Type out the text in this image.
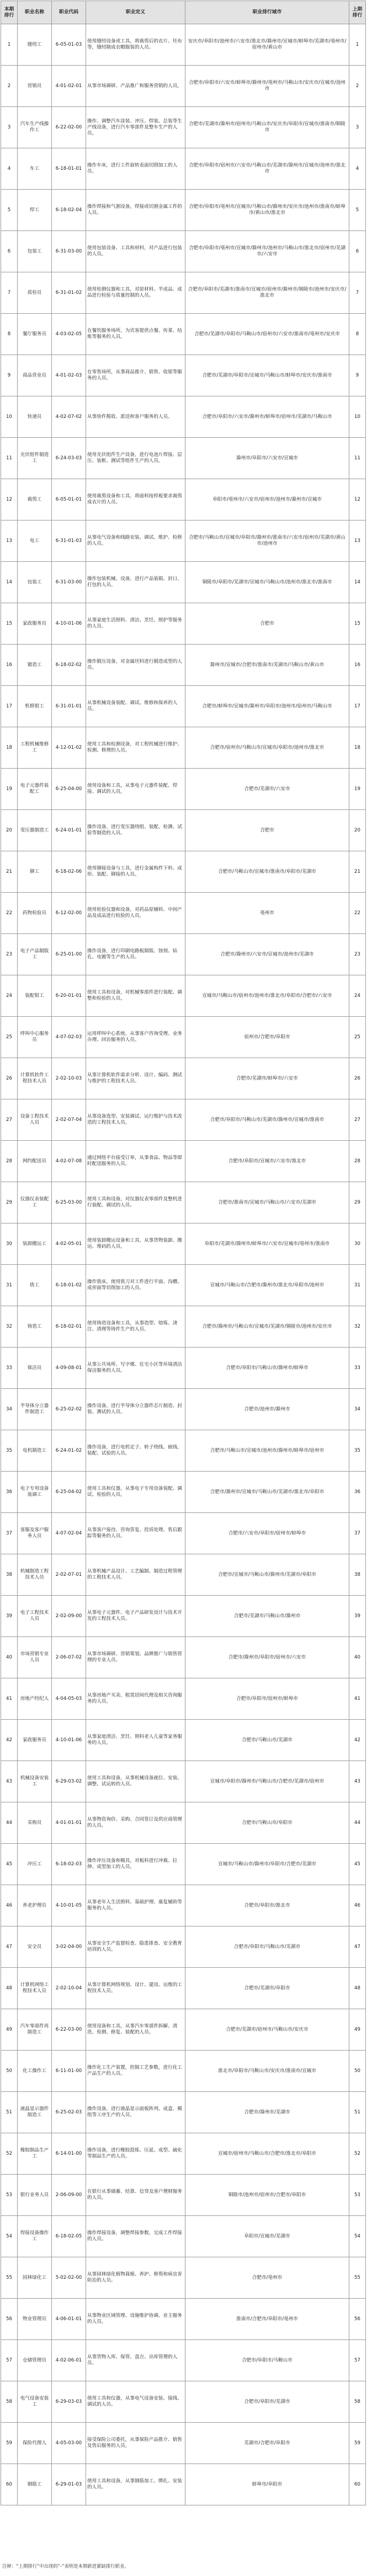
本期排行	职业名称	职业代码	职业定义	职业排行城市	上期排行
1	缝纫工	6-05-01-03	使用缝纫设备或工具，将裁剪后的衣片、坯布等，缝纫制成衣帽服装的人员。	安庆市/阜阳市/池州市/六安市/淮北市/滁州市/宣城市/蚌埠市/芜湖市/亳州市/宿州市/黄山市	1
2	营销员	4-01-02-01	从事市场调研、产品推广和服务营销的人员。	合肥市/阜阳市/六安市/蚌埠市/滁州市/亳州市/马鞍山市/安庆市/宣城市/池州市	2
3	汽车生产线操作工	6-22-02-00	操作、调整汽车涂装、冲压、焊装、总装等生产线设备，进行汽车零部件及整车生产的人员。	合肥市/芜湖市/滁州市/宿州市/马鞍山市/安庆市/阜阳市/宣城市/淮南市/铜陵市	3
4	车工	6-18-01-01	操作车床，进行工件旋转表面切削加工的人员。	合肥市/阜阳市/宿州市/六安市/马鞍山市/芜湖市/滁州市/宣城市/池州市/淮北市	4
5	焊工	6-18-02-04	操作焊接和气割设备，焊接或切割金属工件的人员。	合肥市/阜阳市/亳州市/宣城市/马鞍山市/滁州市/安庆市/池州市/淮南市/蚌埠市/黄山市/淮北市	5
6	包装工	6-31-03-00	使用包装设备、工具和材料，对产品进行包装的人员。	合肥市/阜阳市/亳州市/宣城市/滁州市/池州市/马鞍山市/淮北市/宿州市/芜湖市/六安市	6
7	质检员	6-31-01-02	使用检测仪器和工具，对原材料、半成品、成品进行检验与质量控制的人员。	合肥市/阜阳市/芜湖市/淮南市/宣城市/宿州市/滁州市/铜陵市/池州市/安庆市/淮北市	7
8	餐厅服务员	4-03-02-05	在餐饮服务场所，为宾客提供点餐、传菜、结账等服务的人员。	合肥市/芜湖市/阜阳市/马鞍山市/宿州市/六安市/淮南市/亳州市/安庆市	8
9	商品营业员	4-01-02-03	在零售场所，从事商品推介、销售、收银等服务的人员。	合肥市/芜湖市/阜阳市/宣城市/马鞍山市/蚌埠市/安庆市/淮南市	9
10	快递员	4-02-07-02	从事快件揽收、派送和客户服务的人员。	合肥市/阜阳市/六安市/滁州市/蚌埠市/宿州市/芜湖市/马鞍山市	10
11	光伏组件制造工	6-24-03-03	使用光伏组件生产设备，进行电池片焊接、层压、装框、测试等组件生产的人员。	滁州市/阜阳市/六安市/宣城市	11
12	裁剪工	6-05-01-01	使用裁剪设备和工具，将面料按样板要求裁剪成衣片的人员。	阜阳市/亳州市/六安市/宿州市/池州市/滁州市/宣城市	12
13	电工	6-31-01-03	从事电气设备和线路安装、调试、维护、检修的人员。	合肥市/马鞍山市/宣城市/阜阳市/滁州市/淮南市/六安市/宿州市/芜湖市/黄山市/池州市	13
14	包装工	6-31-03-00	操作包装机械、设备，进行产品装箱、封口、打包的人员。	铜陵市/阜阳市/芜湖市/宣城市/马鞍山市/池州市/淮北市/淮南市	14
15	家政服务员	4-10-01-06	从事家庭生活照料、清洁、烹饪、照护等服务的人员。	合肥市	15
16	锻造工	6-18-02-02	操作锻压设备，对金属坯料进行锻造成型的人员。	滁州市/宣城市/合肥市/淮南市/芜湖市/马鞍山市/黄山市	16
17	机修钳工	6-31-01-01	从事机械设备装配、调试、维修和保养的人员。	合肥市/蚌埠市/宣城市/滁州市/阜阳市/池州市/宿州市/马鞍山市	17
18	工程机械维修工	4-12-01-02	使用工具和检测设备，对工程机械进行维护、检测、修理的人员。	合肥市/宿州市/马鞍山市/宣城市/阜阳市/池州市/淮北市	18
19	电子元器件装配工	6-25-04-00	使用设备和工具，从事电子元器件装配、焊接、调试的人员。	合肥市/芜湖市/六安市	19
20	变压器制造工	6-24-01-01	操作设备，进行变压器绕组、装配、检测、试验等制造的人员。	合肥市	20
21	铆工	6-18-02-06	使用铆接设备与工具，进行金属构件下料、成形、装配、铆接的人员。	合肥市/马鞍山市/宣城市/淮南市/阜阳市/芜湖市	21
22	药物检验员	6-12-02-00	使用检验仪器和设备，对药品原辅料、中间产品及成品进行检验的人员。	亳州市	22
23	电子产品制版工	6-25-01-00	操作设备，进行印刷电路板制版、蚀刻、钻孔、电镀等生产的人员。	合肥市/滁州市/六安市/宣城市/池州市/芜湖市	23
24	装配钳工	6-20-01-01	使用工具和设备，对机械零部件进行装配、调整和检验的人员。	宣城市/马鞍山市/宿州市/池州市/淮北市/阜阳市/合肥市/六安市	24
25	呼叫中心服务员	4-07-02-03	运用呼叫中心系统，从事客户咨询受理、业务办理、回访服务的人员。	宿州市/合肥市/阜阳市	25
26	计算机软件工程技术人员	2-02-10-03	从事计算机软件需求分析、设计、编码、测试与维护的工程技术人员。	合肥市/芜湖市/蚌埠市/六安市	26
27	设备工程技术人员	2-02-07-04	从事设备选型、安装调试、运行维护与技术改造的工程技术人员。	合肥市/阜阳市/马鞍山市/芜湖市/滁州市/宣城市/淮南市	27
28	网约配送员	4-02-07-08	通过网络平台接受订单，从事食品、物品等即时配送服务的人员。	合肥市/阜阳市/宣城市/六安市/淮北市	28
29	仪器仪表装配工	6-25-03-00	使用工具和设备，对仪器仪表零部件及整机进行装配、调试的人员。	合肥市/淮南市/宣城市/马鞍山市/六安市/芜湖市	29
30	装卸搬运工	4-02-05-01	使用装卸搬运设备和工具，从事货物装卸、搬运、堆码的人员。	阜阳市/芜湖市/滁州市/蚌埠市/六安市/宣城市/亳州市/淮南市	30
31	铣工	6-18-01-02	操作铣床，使用铣刀对工件进行平面、沟槽、成形面等切削加工的人员。	宣城市/马鞍山市/合肥市/滁州市/淮北市/阜阳市/池州市	31
32	铸造工	6-18-02-01	使用铸造设备和工具，从事造型、熔炼、浇注、清理等铸件生产的人员。	合肥市/滁州市/马鞍山市/宣城市/芜湖市/铜陵市/池州市/安庆市	32
33	保洁员	4-09-08-01	从事公共场所、写字楼、住宅小区等环境清洁保洁服务的人员。	合肥市/阜阳市/马鞍山市/滁州市/蚌埠市	33
34	半导体分立器件制造工	6-25-02-02	操作设备，进行半导体分立器件芯片制造、封装、测试的人员。	合肥市/池州市/滁州市	34
35	电机制造工	6-24-01-02	操作设备，进行电机定子、转子绕线、嵌线、装配、试验的人员。	合肥市/马鞍山市/宣城市/池州市/滁州市/蚌埠市/宿州市	35
36	电子专用设备装调工	6-25-04-02	使用工具和仪器，从事电子专用设备装配、调试、检验的人员。	合肥市/滁州市/宣城市/马鞍山市/芜湖市/淮北市/阜阳市	36
37	客服及客户服务人员	4-07-02-04	从事客户接待、咨询答复、投诉处理、售后跟踪等服务的人员。	合肥市/六安市/阜阳市/宿州市/蚌埠市	37
38	机械制造工程技术人员	2-02-07-01	从事机械产品设计、工艺编制、制造过程管理的工程技术人员。	合肥市/宣城市/马鞍山市/滁州市/芜湖市/阜阳市	38
39	电子工程技术人员	2-02-09-00	从事电子元器件、电子产品研发设计与技术开发的工程技术人员。	合肥市/芜湖市/马鞍山市/滁州市	39
40	市场营销专业人员	2-06-07-02	从事市场调研、营销策划、品牌推广与销售管理的专业人员。	合肥市/滁州市/阜阳市/宿州市/六安市	40
41	房地产经纪人	4-04-05-03	从事房地产买卖、租赁居间代理及相关咨询服务的人员。	合肥市/阜阳市/宿州市/蚌埠市	41
42	家政服务员	4-10-01-06	从事家庭清洁、烹饪、照料老人儿童等家务服务的人员。	合肥市/马鞍山市/芜湖市	42
43	机械设备安装工	6-29-03-02	使用工具和设备，从事机械设备就位、安装、调整、试运转的人员。	宣城市/阜阳市/滁州市/马鞍山市/合肥市/芜湖市/宿州市	43
44	采购员	4-01-01-01	从事物资询价、采购、合同签订及供应商管理的人员。	合肥市/马鞍山市/阜阳市	44
45	冲压工	6-18-02-03	操作冲压设备和模具，对板料进行冲裁、拉伸、成型加工的人员。	宣城市/马鞍山市/滁州市/阜阳市/合肥市/芜湖市	45
46	养老护理员	4-10-01-05	从事老年人生活照料、基础护理、康复辅助等服务的人员。	合肥市/阜阳市/淮北市	46
47	安全员	3-02-04-00	从事安全生产监督检查、隐患排查、安全教育培训的人员。	合肥市/阜阳市/马鞍山市/芜湖市	47
48	计算机网络工程技术人员	2-02-10-04	从事计算机网络规划、设计、建设、运维的工程技术人员。	合肥市/芜湖市/阜阳市	48
49	汽车零部件再制造工	6-22-03-00	使用设备和工具，从事汽车零部件拆解、清洗、检测、修复、装配的人员。	合肥市/芜湖市/宿州市/马鞍山市/安庆市	49
50	化工操作工	6-11-01-00	操作化工生产装置，控制工艺参数，进行化工产品生产的人员。	淮北市/阜阳市/马鞍山市/安庆市/淮南市/宣城市	50
51	液晶显示器件制造工	6-25-02-03	操作设备，进行液晶显示面板阵列、成盒、模组等工序生产的人员。	合肥市/滁州市/芜湖市	51
52	橡胶制品生产工	6-14-01-00	操作设备，进行橡胶混炼、压延、成型、硫化等制品生产的人员。	宣城市/宿州市/马鞍山市/合肥市/淮北市/阜阳市	52
53	银行业务人员	2-06-09-00	在银行从事储蓄、结算、信贷及客户理财服务的人员。	铜陵市/池州市/宿州市/合肥市/阜阳市	53
54	焊接设备操作工	6-18-02-05	操作焊接设备，调整焊接参数，完成工件焊接的人员。	阜阳市/宣城市/芜湖市	54
55	园林绿化工	5-02-02-00	从事园林绿化植物栽植、养护、修剪和病虫害防治的人员。	合肥市/亳州市	55
56	物业管理员	4-06-01-01	从事物业区域管理、设施维护协调、业主服务的人员。	淮南市/合肥市/阜阳市/亳州市	56
57	仓储管理员	4-02-06-01	从事货物入库、保管、盘点、出库管理的人员。	合肥市/阜阳市/马鞍山市	57
58	电气设备安装工	6-29-03-03	使用工具和仪器，从事电气设备安装、接线、调试的人员。	合肥市/阜阳市/芜湖市	58
59	保险代理人	4-05-03-00	接受保险公司委托，从事保险产品推介、销售及售后服务的人员。	芜湖市/合肥市/阜阳市	59
60	钢筋工	6-29-01-03	使用工具和设备，从事钢筋加工、绑扎、安装的人员。	蚌埠市/阜阳市	60
注释：“上期排行”中出现的“-”表明是本期新进紧缺排行职业。
